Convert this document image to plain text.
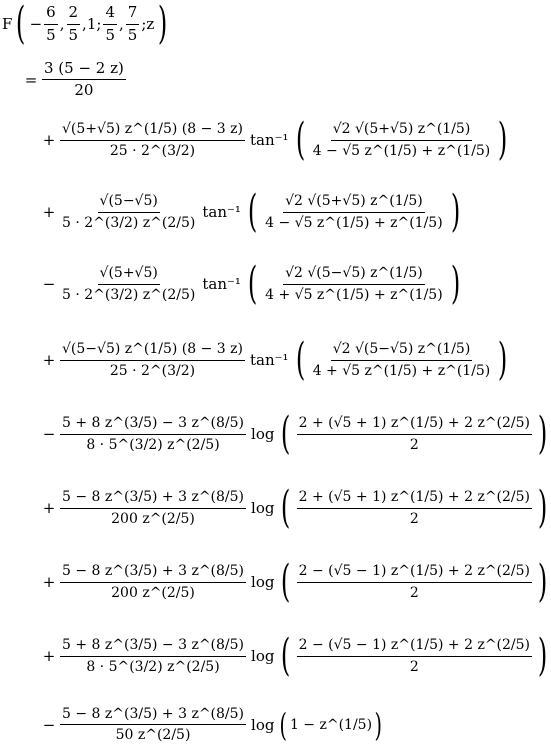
F ( − $\frac{6}{5}$ , $\frac{2}{5}$ , 1 ; $\frac{4}{5}$ , $\frac{7}{5}$ ; z )
= $\frac{3 (5 - 2 z)}{20}$
+ $\frac{√(5+√5) z\^{}(1/5) (8 - 3 z)}{25 \cdot 2\^{}(3/2)} \tan^{-1}$ ( $\frac{√2 √(5+√5) z\^{}(1/5)}{4 - √5 z\^{}(1/5) + z\^{}(1/5)}$ )
+ $\frac{√(5-√5)}{5 \cdot 2\^{}(3/2) z\^{}(2/5)} \tan^{-1}$ ( $\frac{√2 √(5+√5) z\^{}(1/5)}{4 - √5 z\^{}(1/5) + z\^{}(1/5)}$ )
− $\frac{√(5+√5)}{5 \cdot 2\^{}(3/2) z\^{}(2/5)} \tan^{-1}$ ( $\frac{√2 √(5-√5) z\^{}(1/5)}{4 + √5 z\^{}(1/5) + z\^{}(1/5)}$ )
+ $\frac{√(5-√5) z\^{}(1/5) (8 - 3 z)}{25 \cdot 2\^{}(3/2)} \tan^{-1}$ ( $\frac{√2 √(5-√5) z\^{}(1/5)}{4 + √5 z\^{}(1/5) + z\^{}(1/5)}$ )
− $\frac{5 + 8 z\^{}(3/5) - 3 z\^{}(8/5)}{8 \cdot 5\^{}(3/2) z\^{}(2/5)}$ log ( $\frac{2 + (√5 + 1) z\^{}(1/5) + 2 z\^{}(2/5)}{2}$ )
+ $\frac{5 - 8 z\^{}(3/5) + 3 z\^{}(8/5)}{200 z\^{}(2/5)}$ log ( $\frac{2 + (√5 + 1) z\^{}(1/5) + 2 z\^{}(2/5)}{2}$ )
+ $\frac{5 - 8 z\^{}(3/5) + 3 z\^{}(8/5)}{200 z\^{}(2/5)}$ log ( $\frac{2 - (√5 - 1) z\^{}(1/5) + 2 z\^{}(2/5)}{2}$ )
+ $\frac{5 + 8 z\^{}(3/5) - 3 z\^{}(8/5)}{8 \cdot 5\^{}(3/2) z\^{}(2/5)}$ log ( $\frac{2 - (√5 - 1) z\^{}(1/5) + 2 z\^{}(2/5)}{2}$ )
− $\frac{5 - 8 z\^{}(3/5) + 3 z\^{}(8/5)}{50 z\^{}(2/5)}$ log ( 1 − z^(1/5) )
